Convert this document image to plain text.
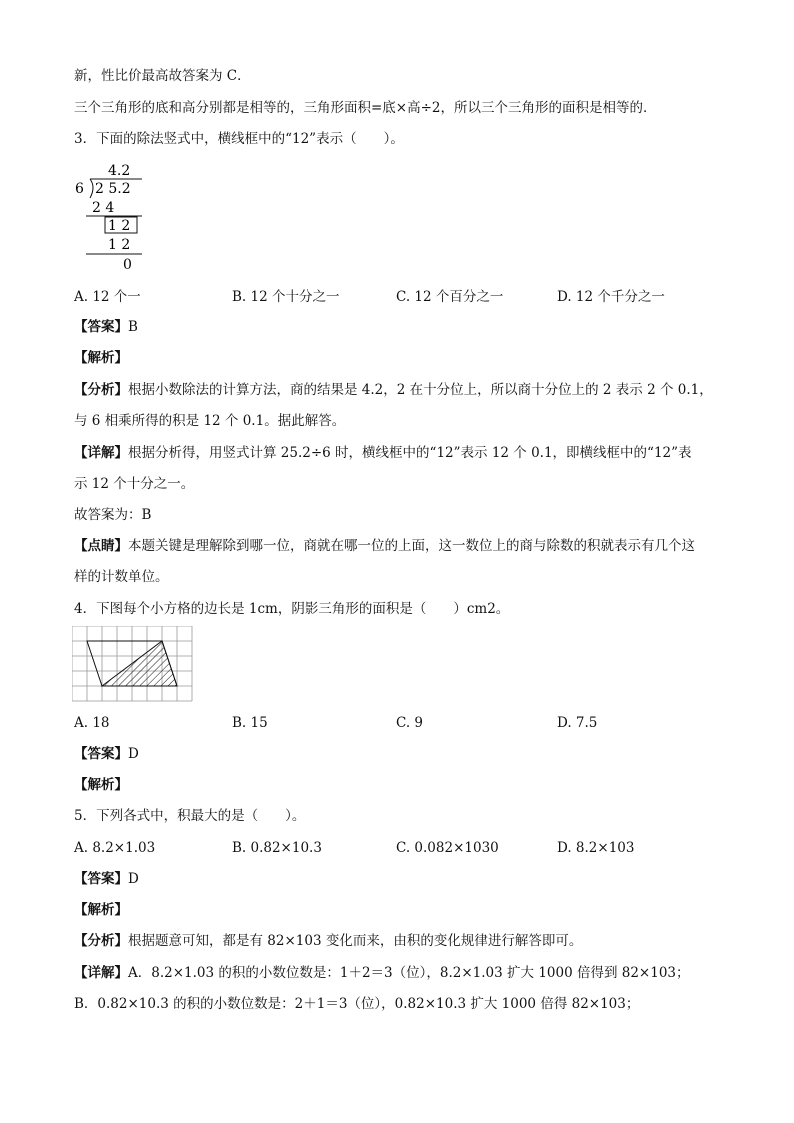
新，性比价最高故答案为 C．
三个三角形的底和高分别都是相等的，三角形面积=底×高÷2，所以三个三角形的面积是相等的．
3．下面的除法竖式中，横线框中的“12”表示（　　）。
4.2
6 2 5.2
2 4
1 2
1 2
0
A. 12 个一	B. 12 个十分之一	C. 12 个百分之一	D. 12 个千分之一
【答案】B
【解析】
【分析】根据小数除法的计算方法，商的结果是 4.2，2 在十分位上，所以商十分位上的 2 表示 2 个 0.1，
与 6 相乘所得的积是 12 个 0.1。据此解答。
【详解】根据分析得，用竖式计算 25.2÷6 时，横线框中的“12”表示 12 个 0.1，即横线框中的“12”表
示 12 个十分之一。
故答案为：B
【点睛】本题关键是理解除到哪一位，商就在哪一位的上面，这一数位上的商与除数的积就表示有几个这
样的计数单位。
4．下图每个小方格的边长是 1cm，阴影三角形的面积是（　　）cm2。
A. 18	B. 15	C. 9	D. 7.5
【答案】D
【解析】
5．下列各式中，积最大的是（　　）。
A. 8.2×1.03	B. 0.82×10.3	C. 0.082×1030	D. 8.2×103
【答案】D
【解析】
【分析】根据题意可知，都是有 82×103 变化而来，由积的变化规律进行解答即可。
【详解】A．8.2×1.03 的积的小数位数是：1＋2＝3（位），8.2×1.03 扩大 1000 倍得到 82×103；
B．0.82×10.3 的积的小数位数是：2＋1＝3（位），0.82×10.3 扩大 1000 倍得 82×103；
